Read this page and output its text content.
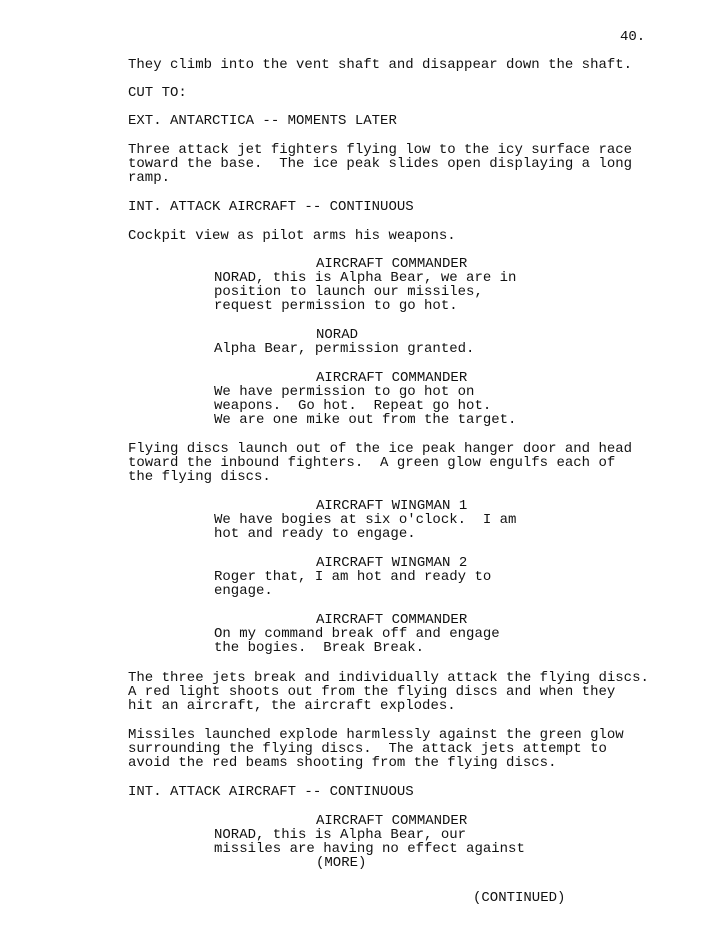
40.
They climb into the vent shaft and disappear down the shaft.
CUT TO:
EXT. ANTARCTICA -- MOMENTS LATER
Three attack jet fighters flying low to the icy surface race
toward the base.  The ice peak slides open displaying a long
ramp.
INT. ATTACK AIRCRAFT -- CONTINUOUS
Cockpit view as pilot arms his weapons.
AIRCRAFT COMMANDER
NORAD, this is Alpha Bear, we are in
position to launch our missiles,
request permission to go hot.
NORAD
Alpha Bear, permission granted.
AIRCRAFT COMMANDER
We have permission to go hot on
weapons.  Go hot.  Repeat go hot.
We are one mike out from the target.
Flying discs launch out of the ice peak hanger door and head
toward the inbound fighters.  A green glow engulfs each of
the flying discs.
AIRCRAFT WINGMAN 1
We have bogies at six o'clock.  I am
hot and ready to engage.
AIRCRAFT WINGMAN 2
Roger that, I am hot and ready to
engage.
AIRCRAFT COMMANDER
On my command break off and engage
the bogies.  Break Break.
The three jets break and individually attack the flying discs.
A red light shoots out from the flying discs and when they
hit an aircraft, the aircraft explodes.
Missiles launched explode harmlessly against the green glow
surrounding the flying discs.  The attack jets attempt to
avoid the red beams shooting from the flying discs.
INT. ATTACK AIRCRAFT -- CONTINUOUS
AIRCRAFT COMMANDER
NORAD, this is Alpha Bear, our
missiles are having no effect against
(MORE)
(CONTINUED)
